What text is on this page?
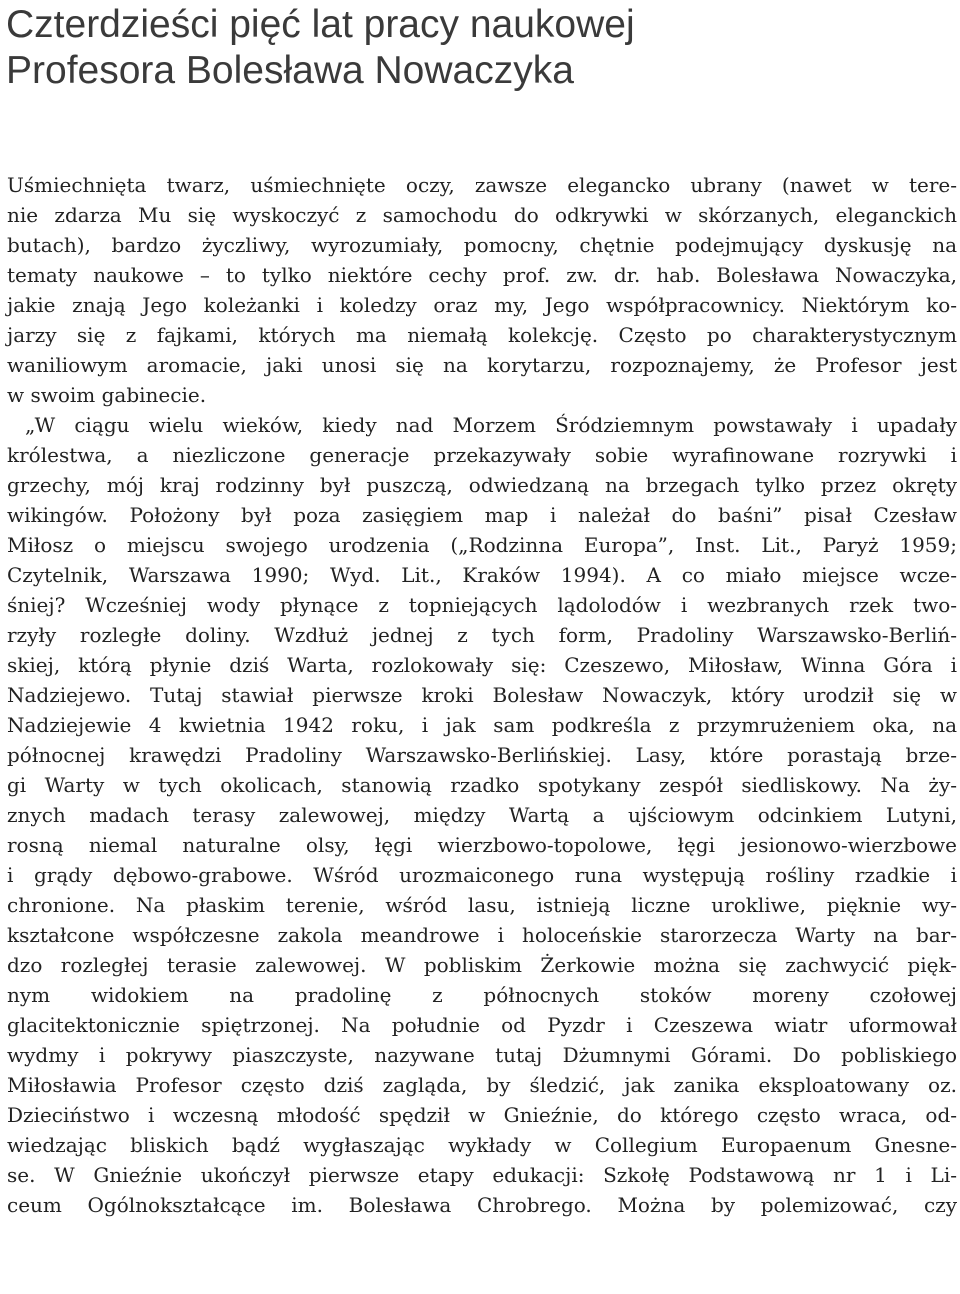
Czterdzieści pięć lat pracy naukowej
Profesora Bolesława Nowaczyka
Uśmiechnięta twarz, uśmiechnięte oczy, zawsze elegancko ubrany (nawet w tere-
nie zdarza Mu się wyskoczyć z samochodu do odkrywki w skórzanych, eleganckich
butach), bardzo życzliwy, wyrozumiały, pomocny, chętnie podejmujący dyskusję na
tematy naukowe – to tylko niektóre cechy prof. zw. dr. hab. Bolesława Nowaczyka,
jakie znają Jego koleżanki i koledzy oraz my, Jego współpracownicy. Niektórym ko-
jarzy się z fajkami, których ma niemałą kolekcję. Często po charakterystycznym
waniliowym aromacie, jaki unosi się na korytarzu, rozpoznajemy, że Profesor jest
w swoim gabinecie.
„W ciągu wielu wieków, kiedy nad Morzem Śródziemnym powstawały i upadały
królestwa, a niezliczone generacje przekazywały sobie wyrafinowane rozrywki i
grzechy, mój kraj rodzinny był puszczą, odwiedzaną na brzegach tylko przez okręty
wikingów. Położony był poza zasięgiem map i należał do baśni” pisał Czesław
Miłosz o miejscu swojego urodzenia („Rodzinna Europa”, Inst. Lit., Paryż 1959;
Czytelnik, Warszawa 1990; Wyd. Lit., Kraków 1994). A co miało miejsce wcze-
śniej? Wcześniej wody płynące z topniejących lądolodów i wezbranych rzek two-
rzyły rozległe doliny. Wzdłuż jednej z tych form, Pradoliny Warszawsko-Berliń-
skiej, którą płynie dziś Warta, rozlokowały się: Czeszewo, Miłosław, Winna Góra i
Nadziejewo. Tutaj stawiał pierwsze kroki Bolesław Nowaczyk, który urodził się w
Nadziejewie 4 kwietnia 1942 roku, i jak sam podkreśla z przymrużeniem oka, na
północnej krawędzi Pradoliny Warszawsko-Berlińskiej. Lasy, które porastają brze-
gi Warty w tych okolicach, stanowią rzadko spotykany zespół siedliskowy. Na ży-
znych madach terasy zalewowej, między Wartą a ujściowym odcinkiem Lutyni,
rosną niemal naturalne olsy, łęgi wierzbowo-topolowe, łęgi jesionowo-wierzbowe
i grądy dębowo-grabowe. Wśród urozmaiconego runa występują rośliny rzadkie i
chronione. Na płaskim terenie, wśród lasu, istnieją liczne urokliwe, pięknie wy-
kształcone współczesne zakola meandrowe i holoceńskie starorzecza Warty na bar-
dzo rozległej terasie zalewowej. W pobliskim Żerkowie można się zachwycić pięk-
nym widokiem na pradolinę z północnych stoków moreny czołowej
glacitektonicznie spiętrzonej. Na południe od Pyzdr i Czeszewa wiatr uformował
wydmy i pokrywy piaszczyste, nazywane tutaj Dżumnymi Górami. Do pobliskiego
Miłosławia Profesor często dziś zagląda, by śledzić, jak zanika eksploatowany oz.
Dzieciństwo i wczesną młodość spędził w Gnieźnie, do którego często wraca, od-
wiedzając bliskich bądź wygłaszając wykłady w Collegium Europaenum Gnesne-
se. W Gnieźnie ukończył pierwsze etapy edukacji: Szkołę Podstawową nr 1 i Li-
ceum Ogólnokształcące im. Bolesława Chrobrego. Można by polemizować, czy
